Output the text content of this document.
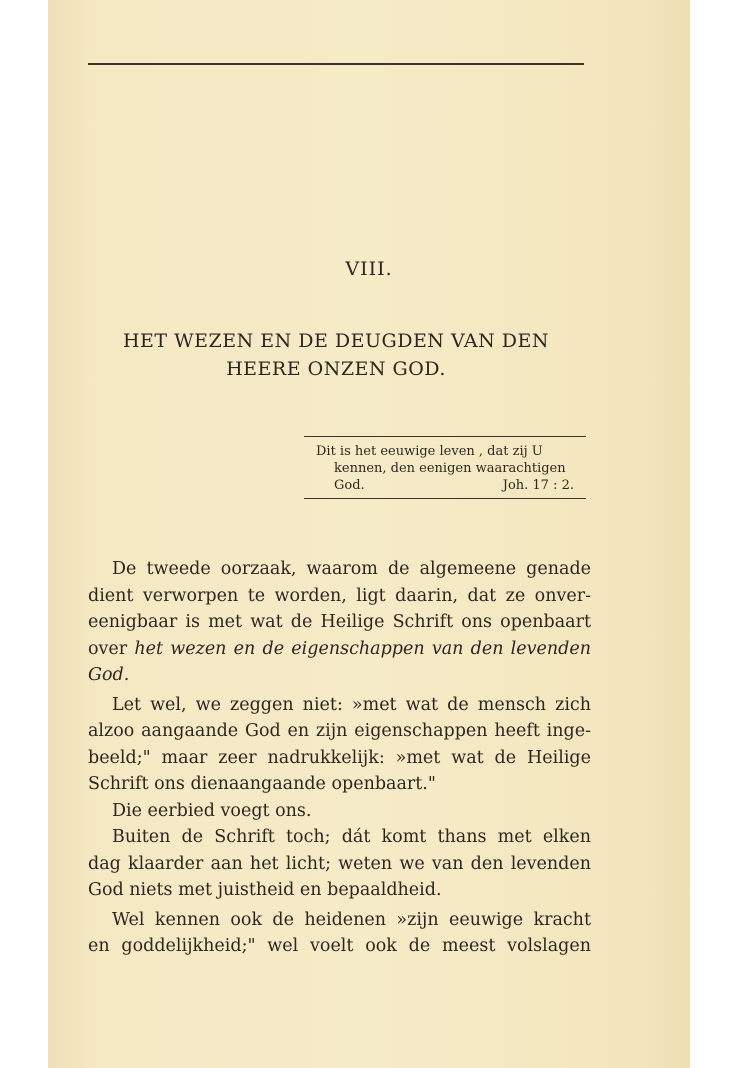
VIII.
HET WEZEN EN DE DEUGDEN VAN DEN
HEERE ONZEN GOD.
Dit is het eeuwige leven , dat zij U
kennen, den eenigen waarachtigen
God.	Joh. 17 : 2.
De tweede oorzaak, waarom de algemeene genade
dient verworpen te worden, ligt daarin, dat ze onver-
eenigbaar is met wat de Heilige Schrift ons openbaart
over het wezen en de eigenschappen van den levenden
God.
Let wel, we zeggen niet: »met wat de mensch zich
alzoo aangaande God en zijn eigenschappen heeft inge-
beeld;" maar zeer nadrukkelijk: »met wat de Heilige
Schrift ons dienaangaande openbaart."
Die eerbied voegt ons.
Buiten de Schrift toch; dát komt thans met elken
dag klaarder aan het licht; weten we van den levenden
God niets met juistheid en bepaaldheid.
Wel kennen ook de heidenen »zijn eeuwige kracht
en goddelijkheid;" wel voelt ook de meest volslagen
